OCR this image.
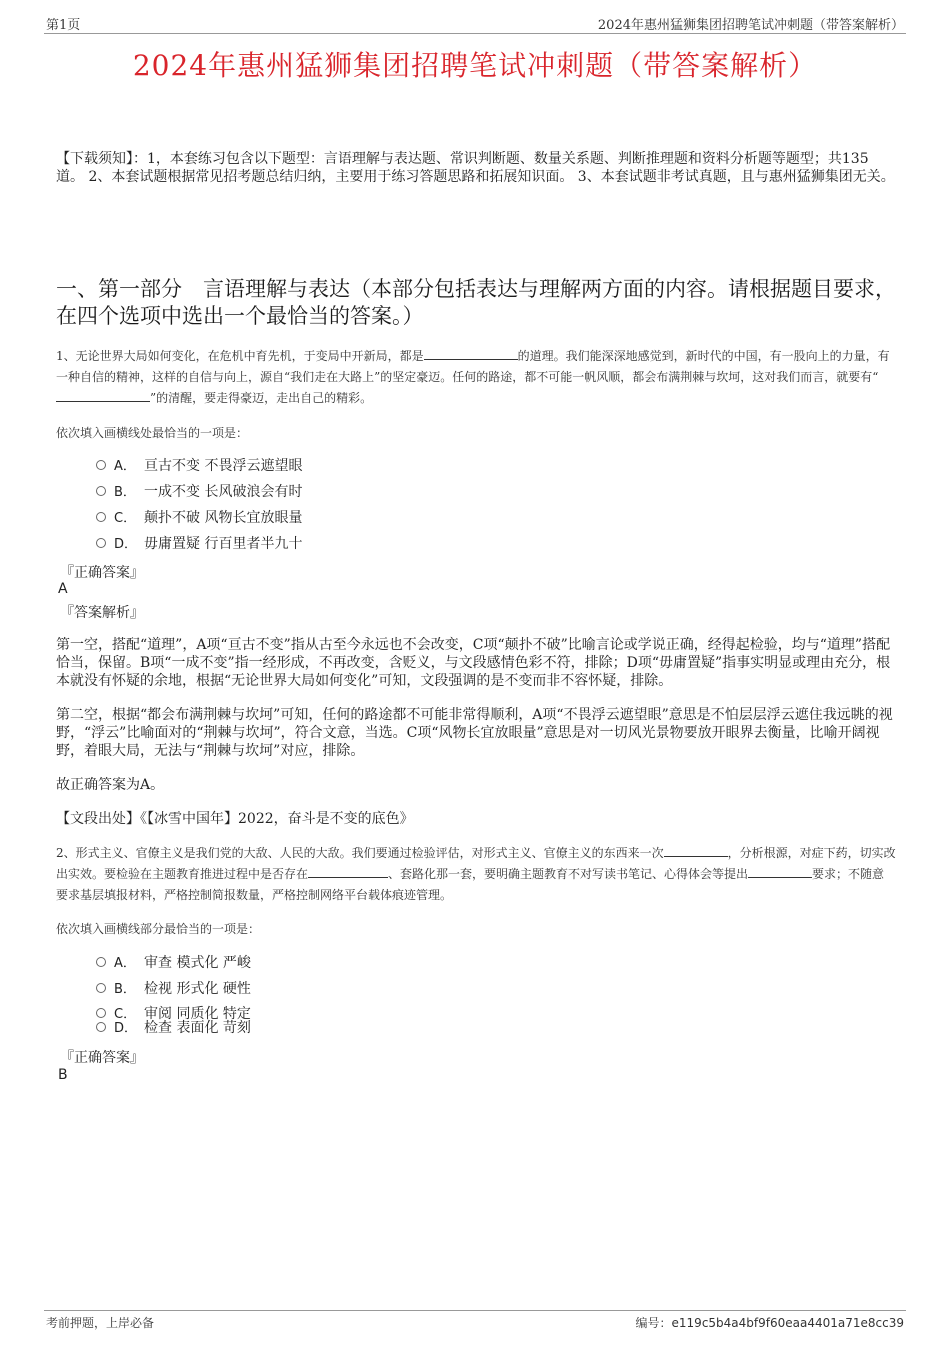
第1页	2024年惠州猛狮集团招聘笔试冲刺题（带答案解析）
2024年惠州猛狮集团招聘笔试冲刺题（带答案解析）
【下载须知】：1，本套练习包含以下题型：言语理解与表达题、常识判断题、数量关系题、判断推理题和资料分析题等题型；共135道。 2、本套试题根据常见招考题总结归纳，主要用于练习答题思路和拓展知识面。 3、本套试题非考试真题，且与惠州猛狮集团无关。
一、第一部分　言语理解与表达（本部分包括表达与理解两方面的内容。请根据题目要求，在四个选项中选出一个最恰当的答案。）
1、无论世界大局如何变化，在危机中育先机，于变局中开新局，都是	的道理。我们能深深地感觉到，新时代的中国，有一股向上的力量，有一种自信的精神，这样的自信与向上，源自“我们走在大路上”的坚定豪迈。任何的路途，都不可能一帆风顺，都会布满荆棘与坎坷，这对我们而言，就要有“”的清醒，要走得豪迈，走出自己的精彩。
依次填入画横线处最恰当的一项是：
A． 亘古不变 不畏浮云遮望眼
B． 一成不变 长风破浪会有时
C． 颠扑不破 风物长宜放眼量
D． 毋庸置疑 行百里者半九十
『正确答案』
A
『答案解析』
第一空，搭配“道理”，A项“亘古不变”指从古至今永远也不会改变，C项“颠扑不破”比喻言论或学说正确，经得起检验，均与“道理”搭配恰当，保留。B项“一成不变”指一经形成，不再改变，含贬义，与文段感情色彩不符，排除；D项“毋庸置疑”指事实明显或理由充分，根本就没有怀疑的余地，根据“无论世界大局如何变化”可知，文段强调的是不变而非不容怀疑，排除。
第二空，根据“都会布满荆棘与坎坷”可知，任何的路途都不可能非常得顺利，A项“不畏浮云遮望眼”意思是不怕层层浮云遮住我远眺的视野，“浮云”比喻面对的“荆棘与坎坷”，符合文意，当选。C项“风物长宜放眼量”意思是对一切风光景物要放开眼界去衡量，比喻开阔视野，着眼大局，无法与“荆棘与坎坷”对应，排除。
故正确答案为A。
【文段出处】《【冰雪中国年】2022，奋斗是不变的底色》
2、形式主义、官僚主义是我们党的大敌、人民的大敌。我们要通过检验评估，对形式主义、官僚主义的东西来一次	，分析根源，对症下药，切实改出实效。要检验在主题教育推进过程中是否存在	、套路化那一套，要明确主题教育不对写读书笔记、心得体会等提出	要求；不随意要求基层填报材料，严格控制简报数量，严格控制网络平台载体痕迹管理。
依次填入画横线部分最恰当的一项是：
A． 审查 模式化 严峻
B． 检视 形式化 硬性
C． 审阅 同质化 特定
D． 检查 表面化 苛刻
『正确答案』
B
考前押题，上岸必备	编号：e119c5b4a4bf9f60eaa4401a71e8cc39
